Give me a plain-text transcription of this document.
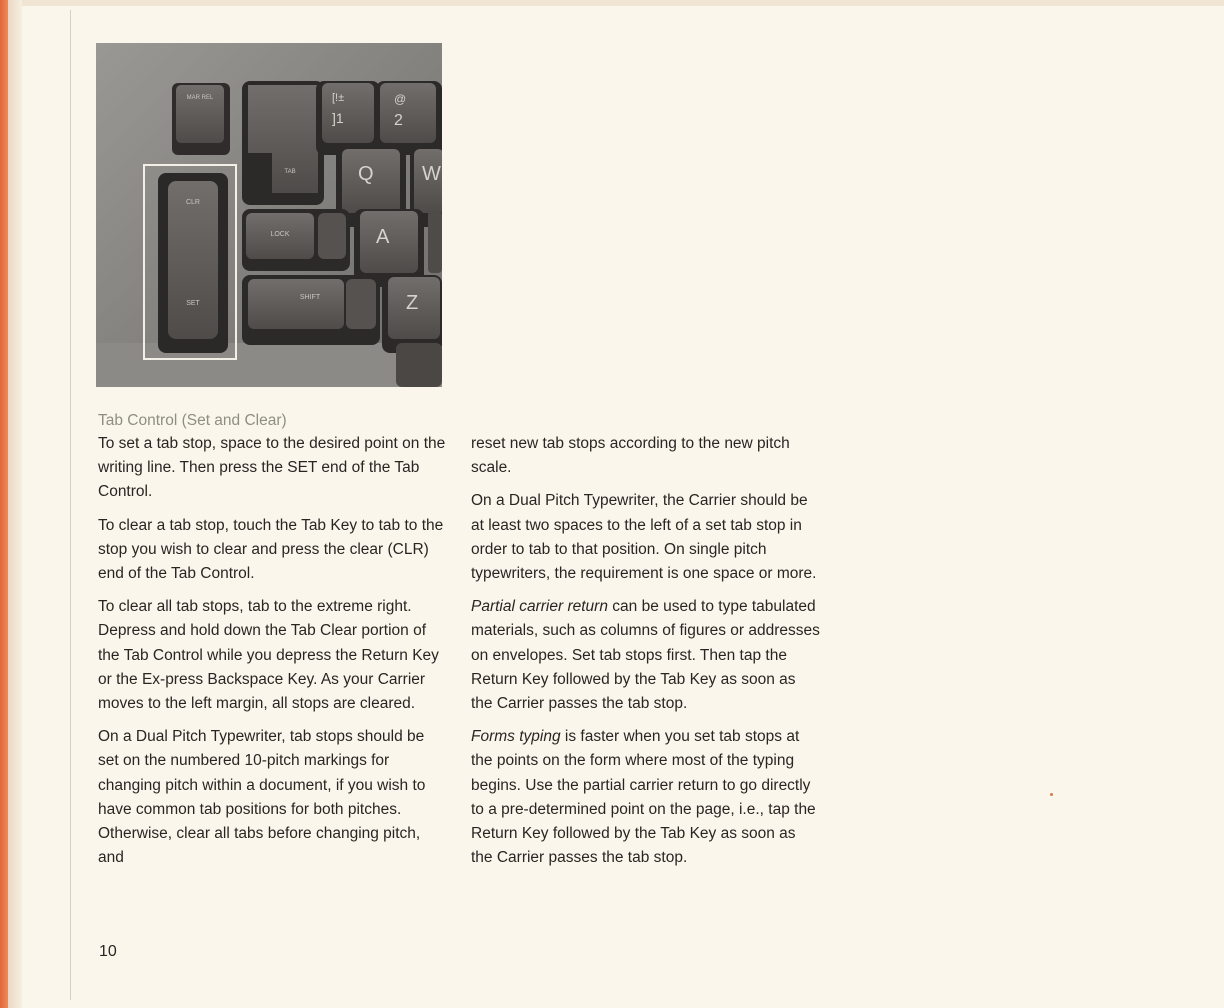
MAR REL
TAB
[!±
]1
@
2
Q W
LOCK	A
SHIFT	Z
CLR
SET
Tab Control (Set and Clear)

To set a tab stop, space to the desired point on the writing line. Then press the SET end of the Tab Control.

To clear a tab stop, touch the Tab Key to tab to the stop you wish to clear and press the clear (CLR) end of the Tab Control.

To clear all tab stops, tab to the extreme right. Depress and hold down the Tab Clear portion of the Tab Control while you depress the Return Key or the Ex-press Backspace Key. As your Carrier moves to the left margin, all stops are cleared.

On a Dual Pitch Typewriter, tab stops should be set on the numbered 10-pitch markings for changing pitch within a document, if you wish to have common tab positions for both pitches. Otherwise, clear all tabs before changing pitch, and

reset new tab stops according to the new pitch scale.

On a Dual Pitch Typewriter, the Carrier should be at least two spaces to the left of a set tab stop in order to tab to that position. On single pitch typewriters, the requirement is one space or more.

Partial carrier return can be used to type tabulated materials, such as columns of figures or addresses on envelopes. Set tab stops first. Then tap the Return Key followed by the Tab Key as soon as the Carrier passes the tab stop.

Forms typing is faster when you set tab stops at the points on the form where most of the typing begins. Use the partial carrier return to go directly to a pre-determined point on the page, i.e., tap the Return Key followed by the Tab Key as soon as the Carrier passes the tab stop.

10
